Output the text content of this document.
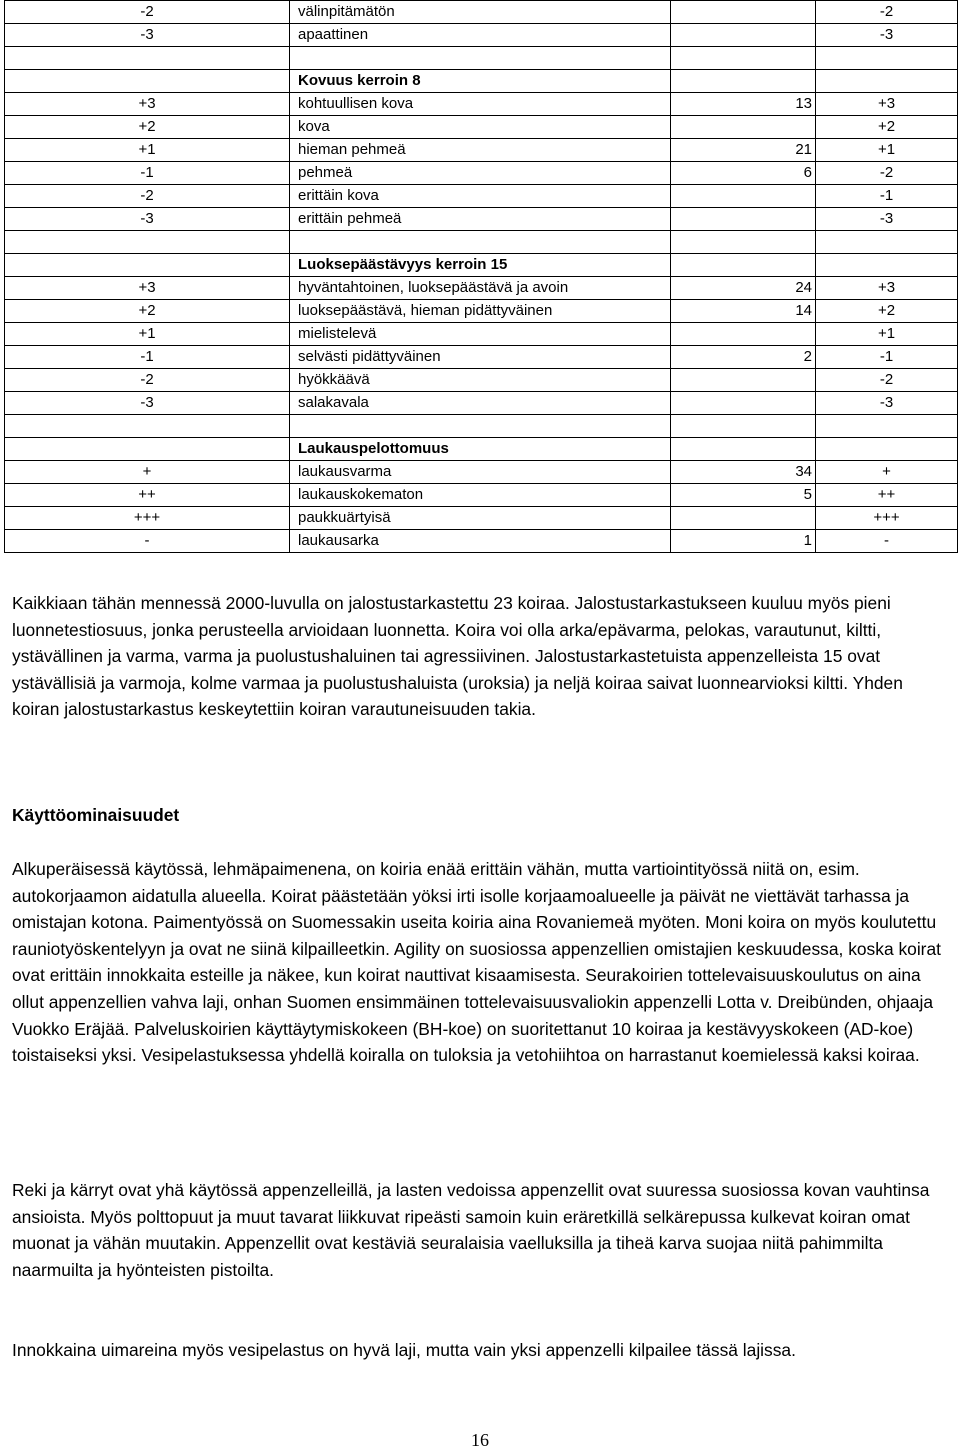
-2	välinpitämätön		-2
-3	apaattinen		-3

	Kovuus kerroin 8		
+3	kohtuullisen kova	13	+3
+2	kova		+2
+1	hieman pehmeä	21	+1
-1	pehmeä	6	-2
-2	erittäin kova		-1
-3	erittäin pehmeä		-3

	Luoksepäästävyys kerroin 15		
+3	hyväntahtoinen, luoksepäästävä ja avoin	24	+3
+2	luoksepäästävä, hieman pidättyväinen	14	+2
+1	mielistelevä		+1
-1	selvästi pidättyväinen	2	-1
-2	hyökkäävä		-2
-3	salakavala		-3

	Laukauspelottomuus		
+	laukausvarma	34	+
++	laukauskokematon	5	++
+++	paukkuärtyisä		+++
-	laukausarka	1	-

Kaikkiaan tähän mennessä 2000-luvulla on jalostustarkastettu 23 koiraa. Jalostustarkastukseen kuuluu myös pieni luonnetestiosuus, jonka perusteella arvioidaan luonnetta. Koira voi olla arka/epävarma, pelokas, varautunut, kiltti, ystävällinen ja varma, varma ja puolustushaluinen tai agressiivinen. Jalostustarkastetuista appenzelleista 15 ovat ystävällisiä ja varmoja, kolme varmaa ja puolustushaluista (uroksia) ja neljä koiraa saivat luonnearvioksi kiltti. Yhden koiran jalostustarkastus keskeytettiin koiran varautuneisuuden takia.

Käyttöominaisuudet

Alkuperäisessä käytössä, lehmäpaimenena, on koiria enää erittäin vähän, mutta vartiointityössä niitä on, esim. autokorjaamon aidatulla alueella. Koirat päästetään yöksi irti isolle korjaamoalueelle ja päivät ne viettävät tarhassa ja omistajan kotona. Paimentyössä on Suomessakin useita koiria aina Rovaniemeä myöten. Moni koira on myös koulutettu rauniotyöskentelyyn ja ovat ne siinä kilpailleetkin. Agility on suosiossa appenzellien omistajien keskuudessa, koska koirat ovat erittäin innokkaita esteille ja näkee, kun koirat nauttivat kisaamisesta. Seurakoirien tottelevaisuuskoulutus on aina ollut appenzellien vahva laji, onhan Suomen ensimmäinen tottelevaisuusvaliokin appenzelli Lotta v. Dreibünden, ohjaaja Vuokko Eräjää. Palveluskoirien käyttäytymiskokeen (BH-koe) on suoritettanut 10 koiraa ja kestävyyskokeen (AD-koe) toistaiseksi yksi. Vesipelastuksessa yhdellä koiralla on tuloksia ja vetohiihtoa on harrastanut koemielessä kaksi koiraa.

Reki ja kärryt ovat yhä käytössä appenzelleillä, ja lasten vedoissa appenzellit ovat suuressa suosiossa kovan vauhtinsa ansioista. Myös polttopuut ja muut tavarat liikkuvat ripeästi samoin kuin eräretkillä selkärepussa kulkevat koiran omat muonat ja vähän muutakin. Appenzellit ovat kestäviä seuralaisia vaelluksilla ja tiheä karva suojaa niitä pahimmilta naarmuilta ja hyönteisten pistoilta.

Innokkaina uimareina myös vesipelastus on hyvä laji, mutta vain yksi appenzelli kilpailee tässä lajissa.

16
